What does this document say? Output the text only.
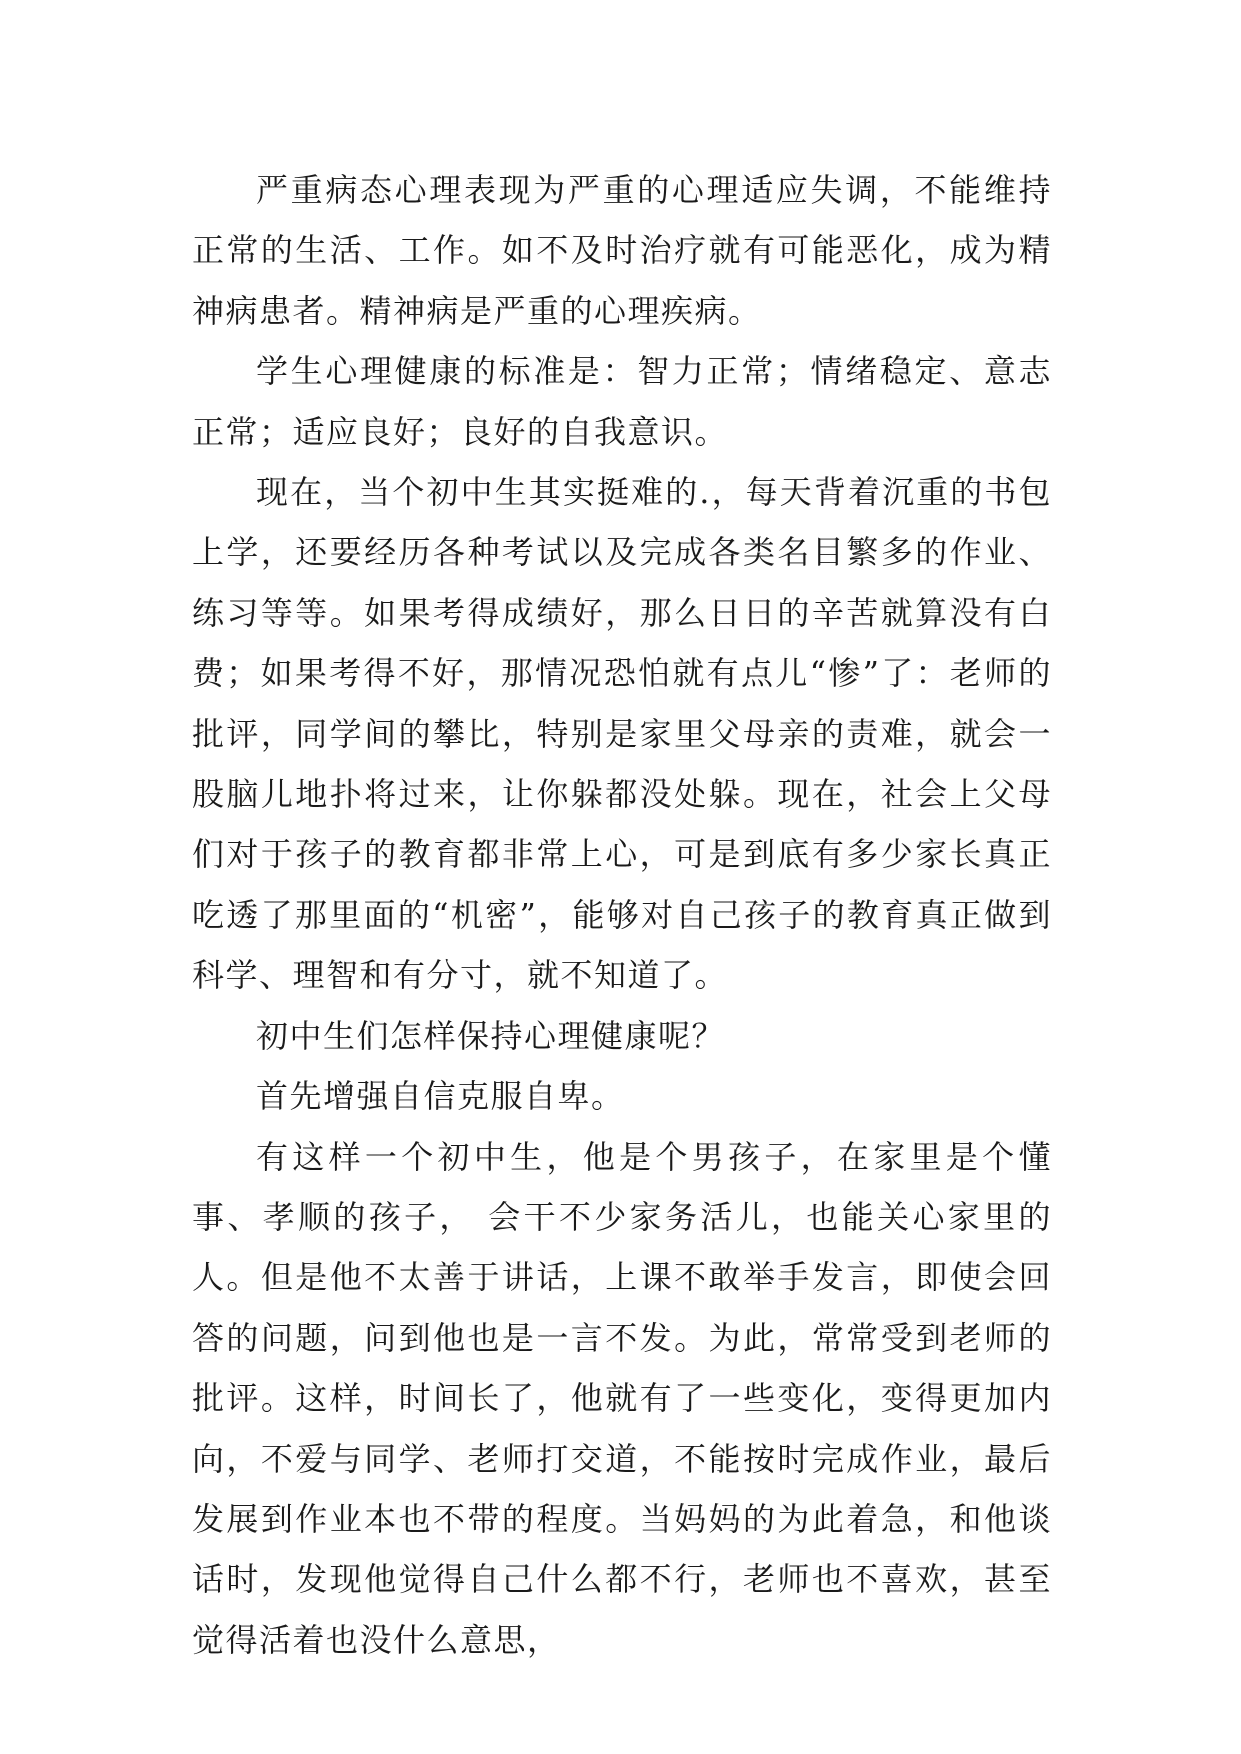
严重病态心理表现为严重的心理适应失调，不能维持正常的生活、工作。如不及时治疗就有可能恶化，成为精神病患者。精神病是严重的心理疾病。

学生心理健康的标准是：智力正常；情绪稳定、意志正常；适应良好；良好的自我意识。

现在，当个初中生其实挺难的.，每天背着沉重的书包上学，还要经历各种考试以及完成各类名目繁多的作业、练习等等。如果考得成绩好，那么日日的辛苦就算没有白费；如果考得不好，那情况恐怕就有点儿“惨”了：老师的批评，同学间的攀比，特别是家里父母亲的责难，就会一股脑儿地扑将过来，让你躲都没处躲。现在，社会上父母们对于孩子的教育都非常上心，可是到底有多少家长真正吃透了那里面的“机密”，能够对自己孩子的教育真正做到科学、理智和有分寸，就不知道了。

初中生们怎样保持心理健康呢？

首先增强自信克服自卑。

有这样一个初中生，他是个男孩子，在家里是个懂事、孝顺的孩子， 会干不少家务活儿，也能关心家里的人。但是他不太善于讲话，上课不敢举手发言，即使会回答的问题，问到他也是一言不发。为此，常常受到老师的批评。这样，时间长了，他就有了一些变化，变得更加内向，不爱与同学、老师打交道，不能按时完成作业，最后发展到作业本也不带的程度。当妈妈的为此着急，和他谈话时，发现他觉得自己什么都不行，老师也不喜欢，甚至觉得活着也没什么意思，
